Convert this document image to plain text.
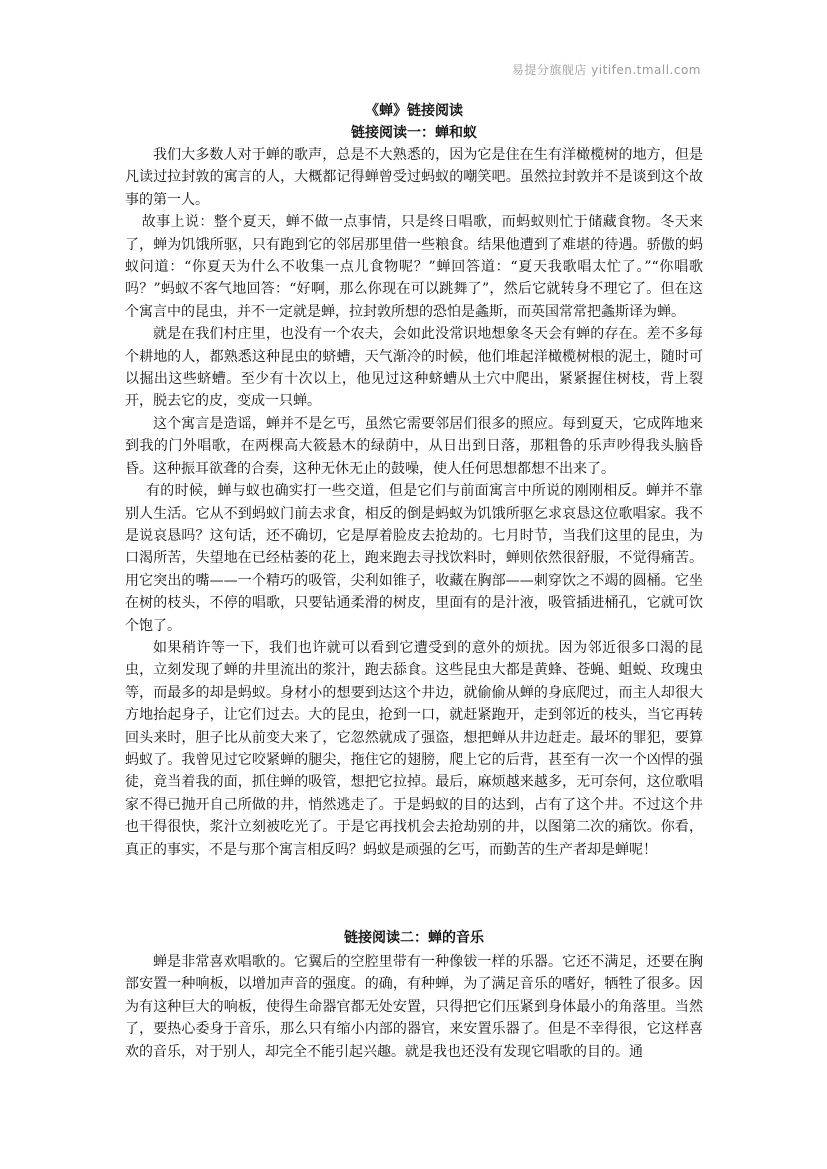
易提分旗舰店 yitifen.tmall.com
《蝉》链接阅读
链接阅读一：蝉和蚁

我们大多数人对于蝉的歌声，总是不大熟悉的，因为它是住在生有洋橄榄树的地方，但是凡读过拉封敦的寓言的人，大概都记得蝉曾受过蚂蚁的嘲笑吧。虽然拉封敦并不是谈到这个故事的第一人。

故事上说：整个夏天，蝉不做一点事情，只是终日唱歌，而蚂蚁则忙于储藏食物。冬天来了，蝉为饥饿所驱，只有跑到它的邻居那里借一些粮食。结果他遭到了难堪的待遇。骄傲的蚂蚁问道：“你夏天为什么不收集一点儿食物呢？”蝉回答道：“夏天我歌唱太忙了。”“你唱歌吗？”蚂蚁不客气地回答：“好啊，那么你现在可以跳舞了”，然后它就转身不理它了。但在这个寓言中的昆虫，并不一定就是蝉，拉封敦所想的恐怕是螽斯，而英国常常把螽斯译为蝉。

就是在我们村庄里，也没有一个农夫，会如此没常识地想象冬天会有蝉的存在。差不多每个耕地的人，都熟悉这种昆虫的蛴螬，天气渐冷的时候，他们堆起洋橄榄树根的泥土，随时可以掘出这些蛴螬。至少有十次以上，他见过这种蛴螬从土穴中爬出，紧紧握住树枝，背上裂开，脱去它的皮，变成一只蝉。

这个寓言是造谣，蝉并不是乞丐，虽然它需要邻居们很多的照应。每到夏天，它成阵地来到我的门外唱歌，在两棵高大筱悬木的绿荫中，从日出到日落，那粗鲁的乐声吵得我头脑昏昏。这种振耳欲聋的合奏，这种无休无止的鼓噪，使人任何思想都想不出来了。

有的时候，蝉与蚁也确实打一些交道，但是它们与前面寓言中所说的刚刚相反。蝉并不靠别人生活。它从不到蚂蚁门前去求食，相反的倒是蚂蚁为饥饿所驱乞求哀恳这位歌唱家。我不是说哀恳吗？这句话，还不确切，它是厚着脸皮去抢劫的。七月时节，当我们这里的昆虫，为口渴所苦，失望地在已经枯萎的花上，跑来跑去寻找饮料时，蝉则依然很舒服，不觉得痛苦。用它突出的嘴——一个精巧的吸管，尖利如锥子，收藏在胸部——刺穿饮之不竭的圆桶。它坐在树的枝头，不停的唱歌，只要钻通柔滑的树皮，里面有的是汁液，吸管插进桶孔，它就可饮个饱了。

如果稍许等一下，我们也许就可以看到它遭受到的意外的烦扰。因为邻近很多口渴的昆虫，立刻发现了蝉的井里流出的浆汁，跑去舔食。这些昆虫大都是黄蜂、苍蝇、蛆蜕、玫瑰虫等，而最多的却是蚂蚁。身材小的想要到达这个井边，就偷偷从蝉的身底爬过，而主人却很大方地抬起身子，让它们过去。大的昆虫，抢到一口，就赶紧跑开，走到邻近的枝头，当它再转回头来时，胆子比从前变大来了，它忽然就成了强盗，想把蝉从井边赶走。最坏的罪犯，要算蚂蚁了。我曾见过它咬紧蝉的腿尖，拖住它的翅膀，爬上它的后背，甚至有一次一个凶悍的强徒，竟当着我的面，抓住蝉的吸管，想把它拉掉。最后，麻烦越来越多，无可奈何，这位歌唱家不得已抛开自己所做的井，悄然逃走了。于是蚂蚁的目的达到，占有了这个井。不过这个井也干得很快，浆汁立刻被吃光了。于是它再找机会去抢劫别的井，以图第二次的痛饮。你看，真正的事实，不是与那个寓言相反吗？蚂蚁是顽强的乞丐，而勤苦的生产者却是蝉呢！

链接阅读二：蝉的音乐

蝉是非常喜欢唱歌的。它翼后的空腔里带有一种像钹一样的乐器。它还不满足，还要在胸部安置一种响板，以增加声音的强度。的确，有种蝉，为了满足音乐的嗜好，牺牲了很多。因为有这种巨大的响板，使得生命器官都无处安置，只得把它们压紧到身体最小的角落里。当然了，要热心委身于音乐，那么只有缩小内部的器官，来安置乐器了。但是不幸得很，它这样喜欢的音乐，对于别人，却完全不能引起兴趣。就是我也还没有发现它唱歌的目的。通
